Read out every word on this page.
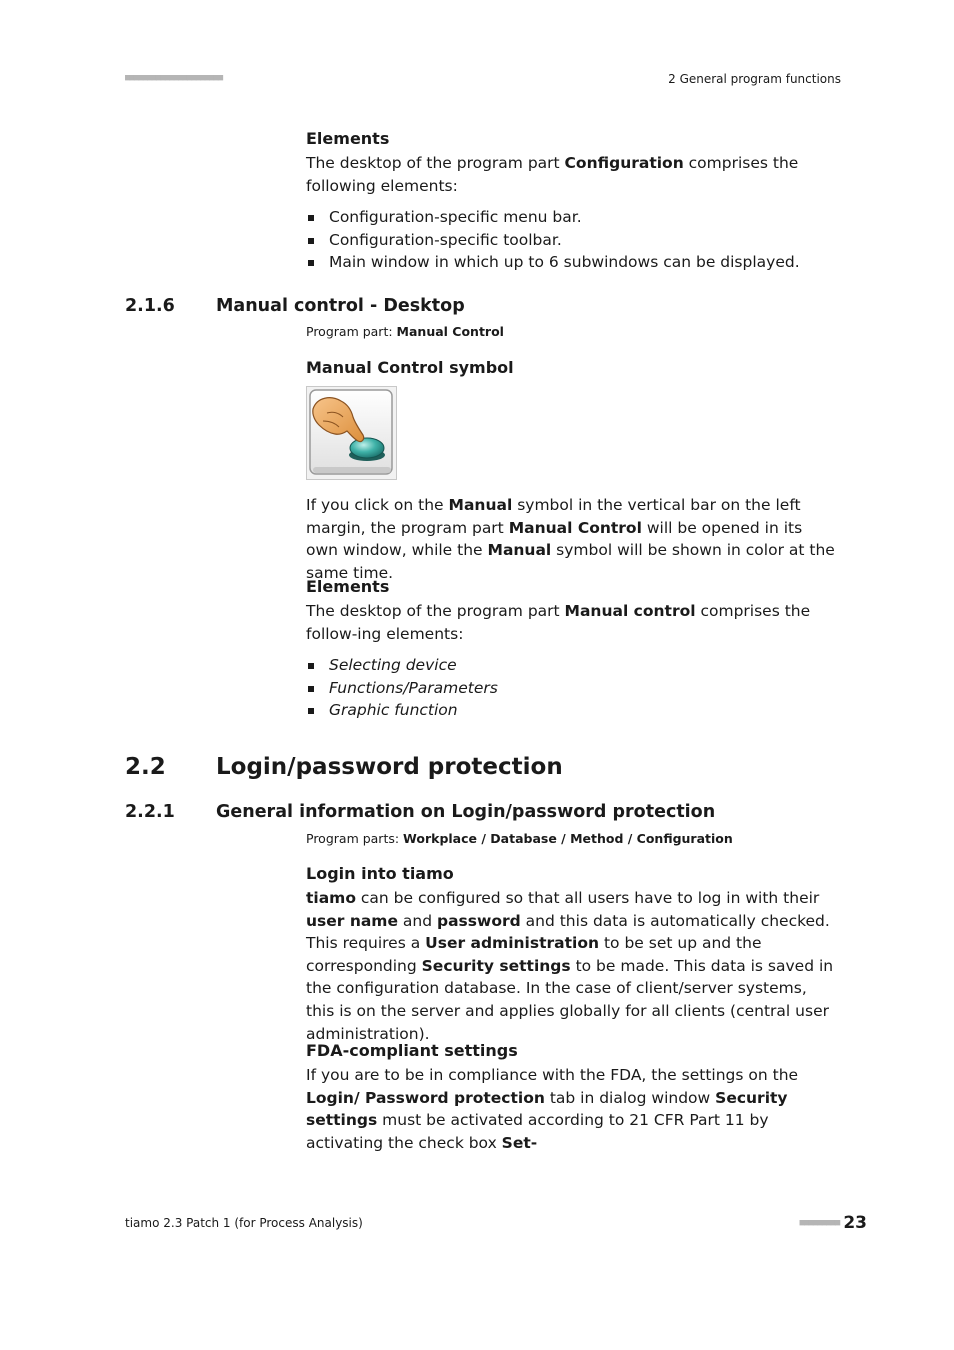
■■■■■■■■■■■■■■■■■■■■■■	2 General program functions
Elements

The desktop of the program part Configuration comprises the following elements:

Configuration-specific menu bar.
Configuration-specific toolbar.
Main window in which up to 6 subwindows can be displayed.
2.1.6 Manual control - Desktop
Program part: Manual Control
Manual Control symbol

If you click on the Manual symbol in the vertical bar on the left margin, the program part Manual Control will be opened in its own window, while the Manual symbol will be shown in color at the same time.

Elements

The desktop of the program part Manual control comprises the follow-ing elements:

Selecting device
Functions/Parameters
Graphic function
2.2 Login/password protection
2.2.1 General information on Login/password protection
Program parts: Workplace / Database / Method / Configuration
Login into tiamo

tiamo can be configured so that all users have to log in with their user name and password and this data is automatically checked. This requires a User administration to be set up and the corresponding Security settings to be made. This data is saved in the configuration database. In the case of client/server systems, this is on the server and applies globally for all clients (central user administration).

FDA-compliant settings

If you are to be in compliance with the FDA, the settings on the Login/ Password protection tab in dialog window Security settings must be activated according to 21 CFR Part 11 by activating the check box Set-

tiamo 2.3 Patch 1 (for Process Analysis)	■■■■■■■■■ 23
